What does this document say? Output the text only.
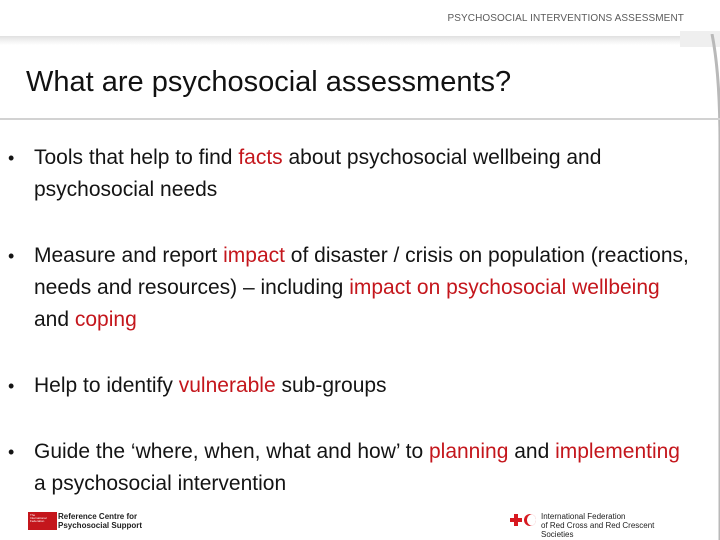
PSYCHOSOCIAL INTERVENTIONS ASSESSMENT
What are psychosocial assessments?
• Tools that help to find facts about psychosocial wellbeing and psychosocial needs
• Measure and report impact of disaster / crisis on population (reactions, needs and resources) – including impact on psychosocial wellbeing and coping
• Help to identify vulnerable sub-groups
• Guide the ‘where, when, what and how’ to planning and implementing a psychosocial intervention
The
International
Federation Reference Centre for
Psychosocial Support
International Federation
of Red Cross and Red Crescent Societies
